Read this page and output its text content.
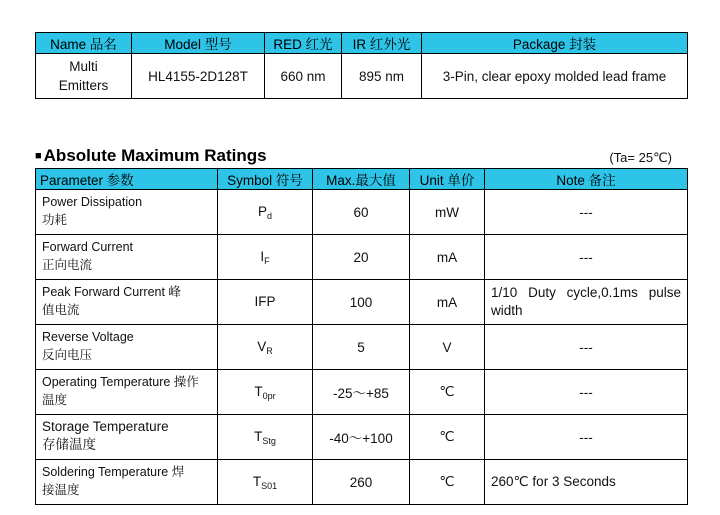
Name 品名	Model 型号	RED 红光	IR 红外光	Package 封装

Multi
Emitters	HL4155-2D128T	660 nm	895 nm	3-Pin, clear epoxy molded lead frame
■ Absolute Maximum Ratings	(Ta= 25℃)
Parameter 参数	Symbol 符号	Max.最大值	Unit 单价	Note 备注

Power Dissipation
功耗	$P_d$	60	mW	---

Forward Current
正向电流	$I_F$	20	mA	---

Peak Forward Current 峰
值电流	IFP	100	mA	1/10 Duty cycle,0.1ms pulse width

Reverse Voltage
反向电压	$V_R$	5	V	---

Operating Temperature 操作
温度	$T_{0pr}$	-25～+85	℃	---

Storage Temperature
存储温度	$T_{Stg}$	-40～+100	℃	---

Soldering Temperature 焊
接温度	$T_{S01}$	260	℃	260℃ for 3 Seconds
